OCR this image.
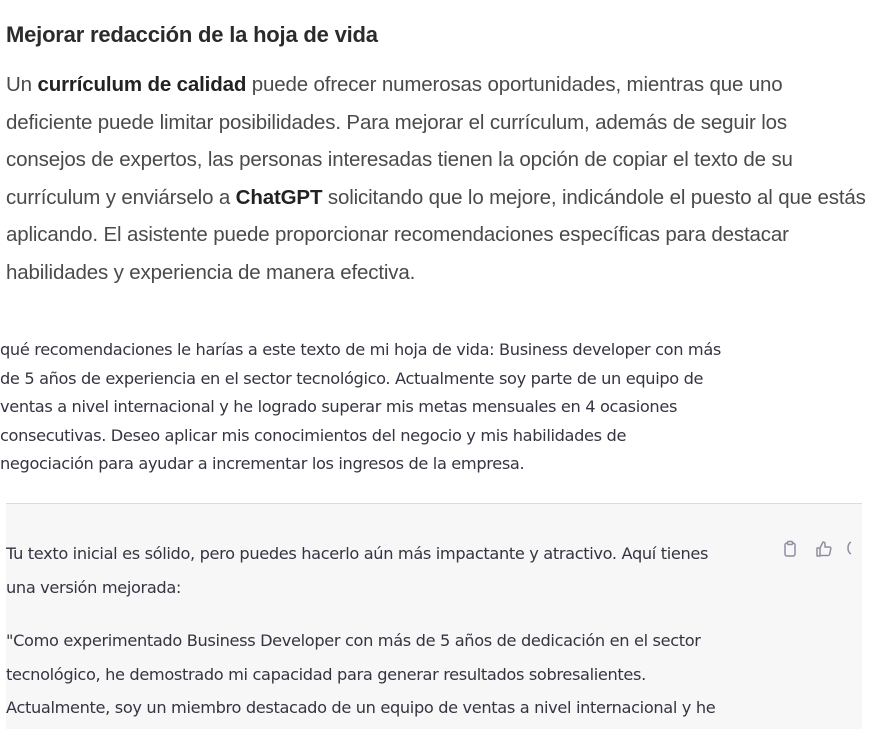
Mejorar redacción de la hoja de vida
Un currículum de calidad puede ofrecer numerosas oportunidades, mientras que uno deficiente puede limitar posibilidades. Para mejorar el currículum, además de seguir los consejos de expertos, las personas interesadas tienen la opción de copiar el texto de su currículum y enviárselo a ChatGPT solicitando que lo mejore, indicándole el puesto al que estás aplicando. El asistente puede proporcionar recomendaciones específicas para destacar habilidades y experiencia de manera efectiva.
qué recomendaciones le harías a este texto de mi hoja de vida: Business developer con más
de 5 años de experiencia en el sector tecnológico. Actualmente soy parte de un equipo de
ventas a nivel internacional y he logrado superar mis metas mensuales en 4 ocasiones
consecutivas. Deseo aplicar mis conocimientos del negocio y mis habilidades de
negociación para ayudar a incrementar los ingresos de la empresa.
Tu texto inicial es sólido, pero puedes hacerlo aún más impactante y atractivo. Aquí tienes
una versión mejorada:
"Como experimentado Business Developer con más de 5 años de dedicación en el sector
tecnológico, he demostrado mi capacidad para generar resultados sobresalientes.
Actualmente, soy un miembro destacado de un equipo de ventas a nivel internacional y he
